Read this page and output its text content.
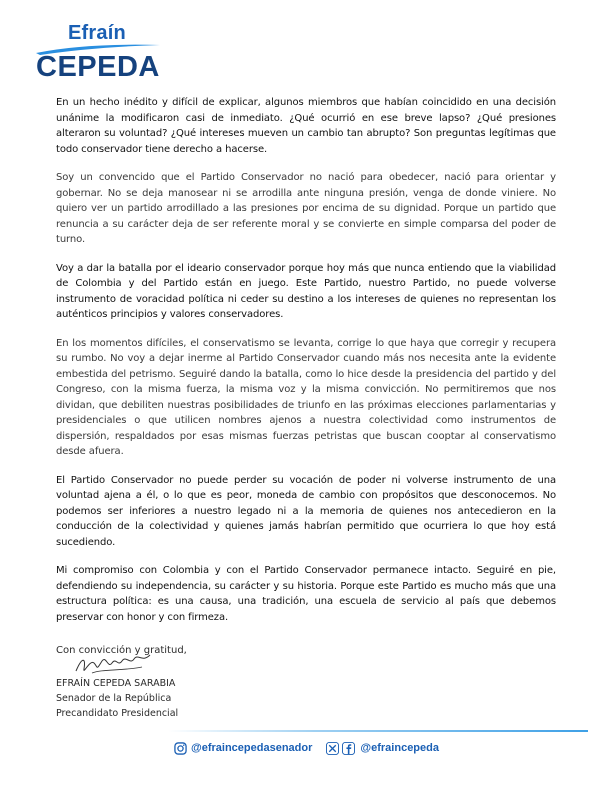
Efraín
CEPEDA

En un hecho inédito y difícil de explicar, algunos miembros que habían coincidido en una decisión unánime la modificaron casi de inmediato. ¿Qué ocurrió en ese breve lapso? ¿Qué presiones alteraron su voluntad? ¿Qué intereses mueven un cambio tan abrupto? Son preguntas legítimas que todo conservador tiene derecho a hacerse.

Soy un convencido que el Partido Conservador no nació para obedecer, nació para orientar y gobernar. No se deja manosear ni se arrodilla ante ninguna presión, venga de donde viniere. No quiero ver un partido arrodillado a las presiones por encima de su dignidad. Porque un partido que renuncia a su carácter deja de ser referente moral y se convierte en simple comparsa del poder de turno.

Voy a dar la batalla por el ideario conservador porque hoy más que nunca entiendo que la viabilidad de Colombia y del Partido están en juego. Este Partido, nuestro Partido, no puede volverse instrumento de voracidad política ni ceder su destino a los intereses de quienes no representan los auténticos principios y valores conservadores.

En los momentos difíciles, el conservatismo se levanta, corrige lo que haya que corregir y recupera su rumbo. No voy a dejar inerme al Partido Conservador cuando más nos necesita ante la evidente embestida del petrismo. Seguiré dando la batalla, como lo hice desde la presidencia del partido y del Congreso, con la misma fuerza, la misma voz y la misma convicción. No permitiremos que nos dividan, que debiliten nuestras posibilidades de triunfo en las próximas elecciones parlamentarias y presidenciales o que utilicen nombres ajenos a nuestra colectividad como instrumentos de dispersión, respaldados por esas mismas fuerzas petristas que buscan cooptar al conservatismo desde afuera.

El Partido Conservador no puede perder su vocación de poder ni volverse instrumento de una voluntad ajena a él, o lo que es peor, moneda de cambio con propósitos que desconocemos. No podemos ser inferiores a nuestro legado ni a la memoria de quienes nos antecedieron en la conducción de la colectividad y quienes jamás habrían permitido que ocurriera lo que hoy está sucediendo.

Mi compromiso con Colombia y con el Partido Conservador permanece intacto. Seguiré en pie, defendiendo su independencia, su carácter y su historia. Porque este Partido es mucho más que una estructura política: es una causa, una tradición, una escuela de servicio al país que debemos preservar con honor y con firmeza.

Con convicción y gratitud,
EFRAÍN CEPEDA SARABIA
Senador de la República
Precandidato Presidencial
@efraincepedasenador	@efraincepeda
